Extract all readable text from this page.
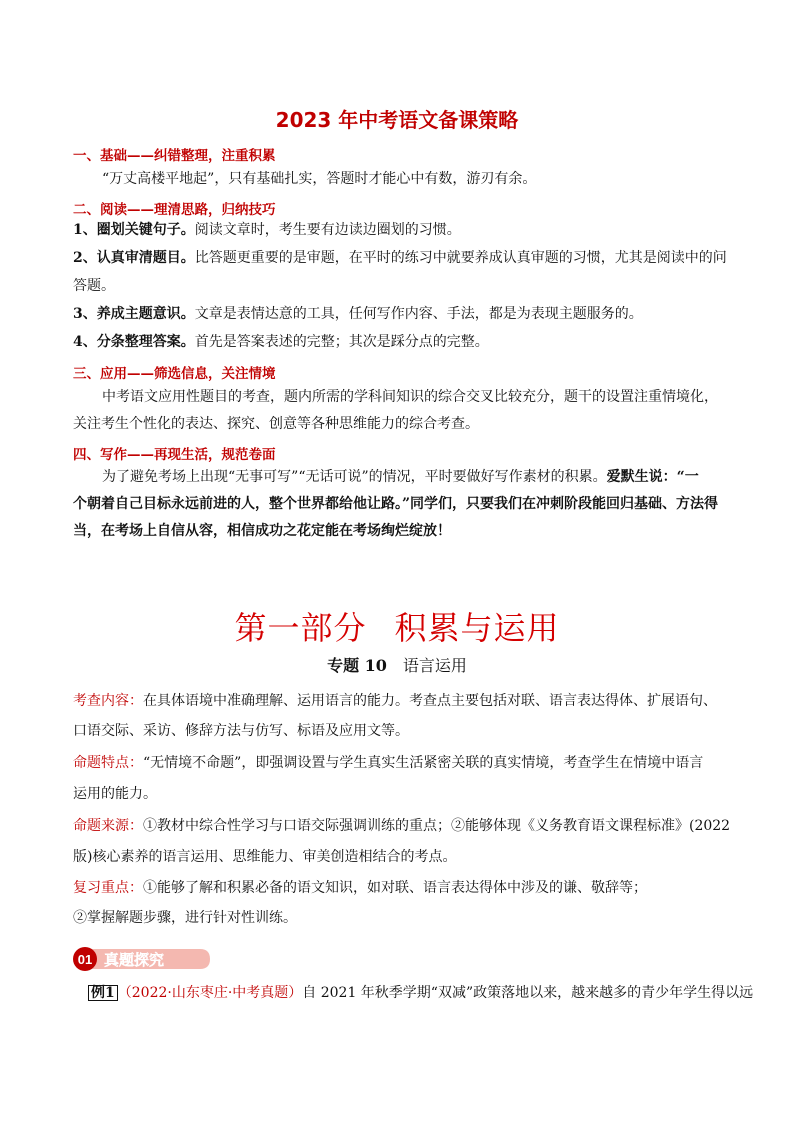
2023 年中考语文备课策略
一、基础——纠错整理，注重积累
“万丈高楼平地起”，只有基础扎实，答题时才能心中有数，游刃有余。
二、阅读——理清思路，归纳技巧
1、圈划关键句子。阅读文章时，考生要有边读边圈划的习惯。
2、认真审清题目。比答题更重要的是审题，在平时的练习中就要养成认真审题的习惯，尤其是阅读中的问
答题。
3、养成主题意识。文章是表情达意的工具，任何写作内容、手法，都是为表现主题服务的。
4、分条整理答案。首先是答案表述的完整；其次是踩分点的完整。
三、应用——筛选信息，关注情境
中考语文应用性题目的考查，题内所需的学科间知识的综合交叉比较充分，题干的设置注重情境化，
关注考生个性化的表达、探究、创意等各种思维能力的综合考查。
四、写作——再现生活，规范卷面
为了避免考场上出现“无事可写”“无话可说”的情况，平时要做好写作素材的积累。爱默生说：“一
个朝着自己目标永远前进的人，整个世界都给他让路。”同学们，只要我们在冲刺阶段能回归基础、方法得
当，在考场上自信从容，相信成功之花定能在考场绚烂绽放！
第一部分 积累与运用
专题 10 语言运用
考查内容：在具体语境中准确理解、运用语言的能力。考查点主要包括对联、语言表达得体、扩展语句、
口语交际、采访、修辞方法与仿写、标语及应用文等。
命题特点：“无情境不命题”，即强调设置与学生真实生活紧密关联的真实情境，考查学生在情境中语言
运用的能力。
命题来源：①教材中综合性学习与口语交际强调训练的重点；②能够体现《义务教育语文课程标准》(2022
版)核心素养的语言运用、思维能力、审美创造相结合的考点。
复习重点：①能够了解和积累必备的语文知识，如对联、语言表达得体中涉及的谦、敬辞等；
②掌握解题步骤，进行针对性训练。
01 真题探究
例1 （2022·山东枣庄·中考真题）自 2021 年秋季学期“双减”政策落地以来，越来越多的青少年学生得以远
